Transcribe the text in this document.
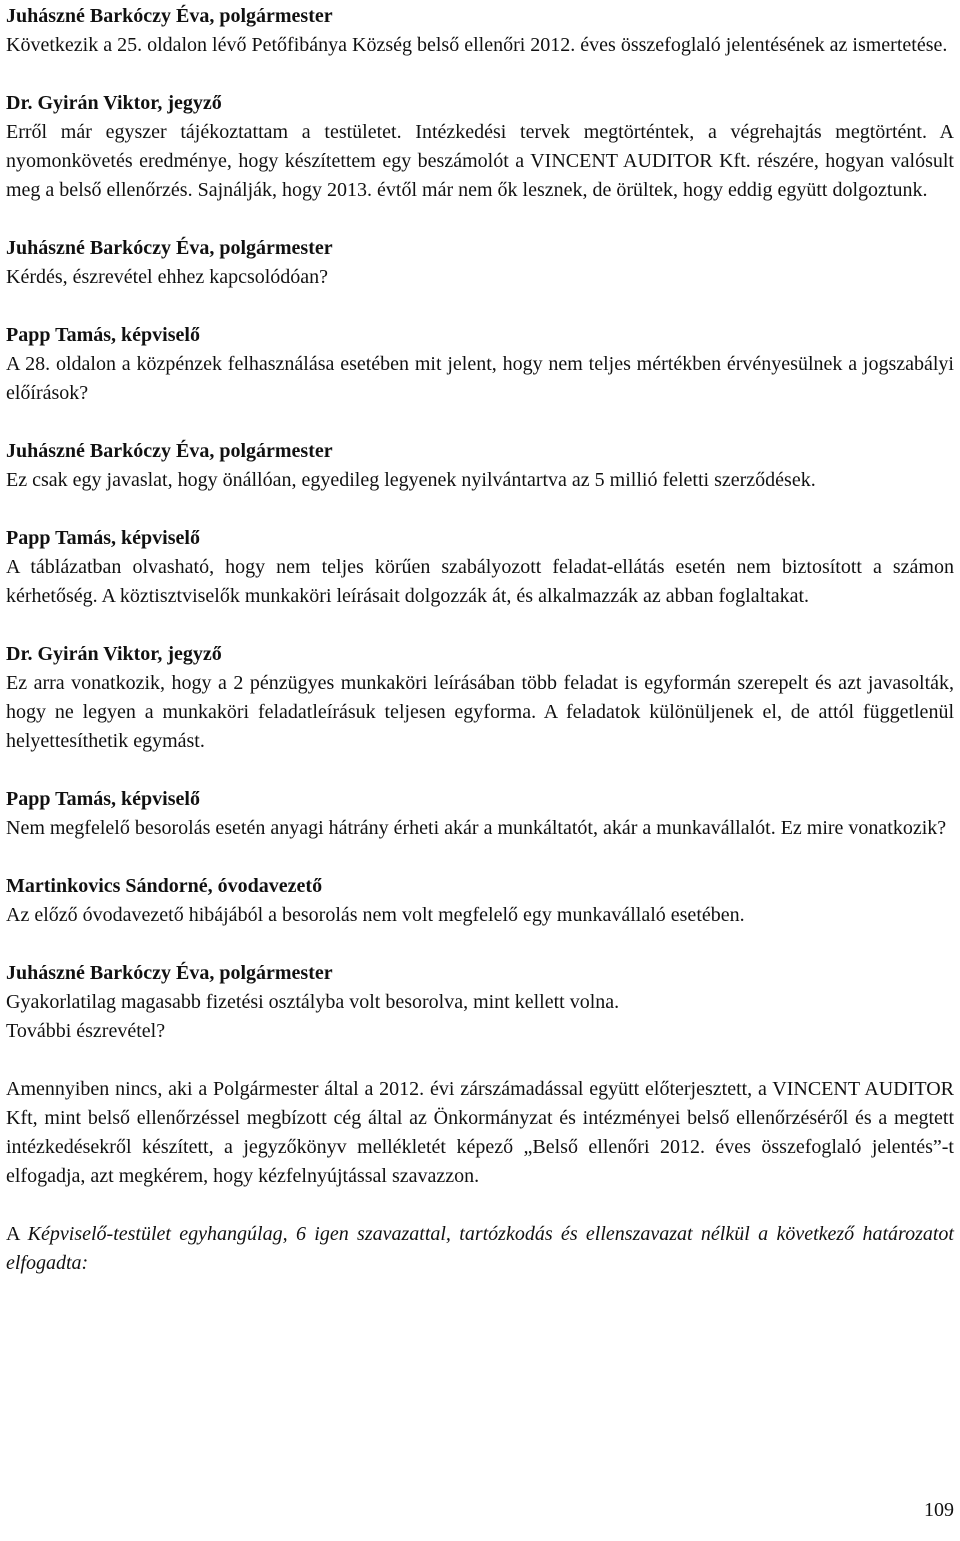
Juhászné Barkóczy Éva, polgármester
Következik a 25. oldalon lévő Petőfibánya Község belső ellenőri 2012. éves összefoglaló jelentésének az ismertetése.
Dr. Gyirán Viktor, jegyző
Erről már egyszer tájékoztattam a testületet. Intézkedési tervek megtörténtek, a végrehajtás megtörtént. A nyomonkövetés eredménye, hogy készítettem egy beszámolót a VINCENT AUDITOR Kft. részére, hogyan valósult meg a belső ellenőrzés. Sajnálják, hogy 2013. évtől már nem ők lesznek, de örültek, hogy eddig együtt dolgoztunk.
Juhászné Barkóczy Éva, polgármester
Kérdés, észrevétel ehhez kapcsolódóan?
Papp Tamás, képviselő
A 28. oldalon a közpénzek felhasználása esetében mit jelent, hogy nem teljes mértékben érvényesülnek a jogszabályi előírások?
Juhászné Barkóczy Éva, polgármester
Ez csak egy javaslat, hogy önállóan, egyedileg legyenek nyilvántartva az 5 millió feletti szerződések.
Papp Tamás, képviselő
A táblázatban olvasható, hogy nem teljes körűen szabályozott feladat-ellátás esetén nem biztosított a számon kérhetőség. A köztisztviselők munkaköri leírásait dolgozzák át, és alkalmazzák az abban foglaltakat.
Dr. Gyirán Viktor, jegyző
Ez arra vonatkozik, hogy a 2 pénzügyes munkaköri leírásában több feladat is egyformán szerepelt és azt javasolták, hogy ne legyen a munkaköri feladatleírásuk teljesen egyforma. A feladatok különüljenek el, de attól függetlenül helyettesíthetik egymást.
Papp Tamás, képviselő
Nem megfelelő besorolás esetén anyagi hátrány érheti akár a munkáltatót, akár a munkavállalót. Ez mire vonatkozik?
Martinkovics Sándorné, óvodavezető
Az előző óvodavezető hibájából a besorolás nem volt megfelelő egy munkavállaló esetében.
Juhászné Barkóczy Éva, polgármester
Gyakorlatilag magasabb fizetési osztályba volt besorolva, mint kellett volna.
További észrevétel?
Amennyiben nincs, aki a Polgármester által a 2012. évi zárszámadással együtt előterjesztett, a VINCENT AUDITOR Kft, mint belső ellenőrzéssel megbízott cég által az Önkormányzat és intézményei belső ellenőrzéséről és a megtett intézkedésekről készített, a jegyzőkönyv mellékletét képező „Belső ellenőri 2012. éves összefoglaló jelentés”-t elfogadja, azt megkérem, hogy kézfelnyújtással szavazzon.
A Képviselő-testület egyhangúlag, 6 igen szavazattal, tartózkodás és ellenszavazat nélkül a következő határozatot elfogadta:
109
